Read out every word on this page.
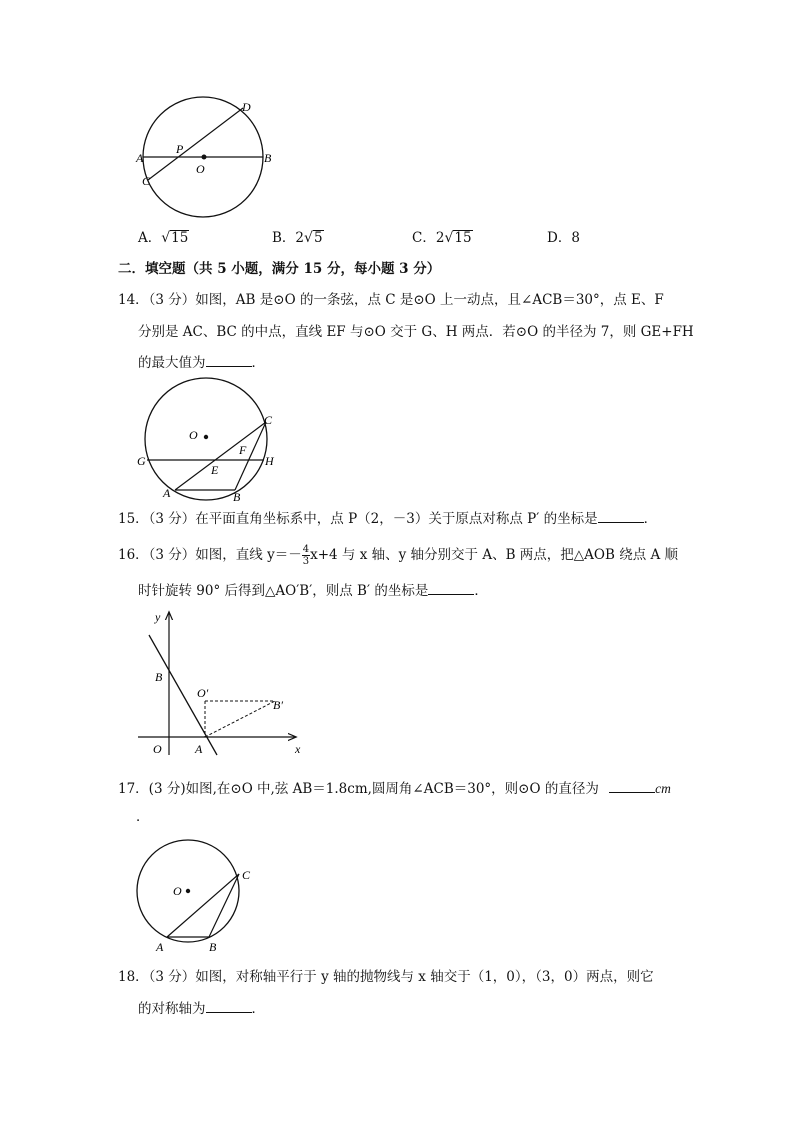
D
A
P
B
O
C
A．√15	B．2√5	C．2√15	D．8
二．填空题（共 5 小题，满分 15 分，每小题 3 分）
14．（3 分）如图，AB 是⊙O 的一条弦，点 C 是⊙O 上一动点，且∠ACB＝30°，点 E、F
分别是 AC、BC 的中点，直线 EF 与⊙O 交于 G、H 两点．若⊙O 的半径为 7，则 GE+FH
的最大值为	．
C
O
F
G
E
H
A	B
15．（3 分）在平面直角坐标系中，点 P（2，－3）关于原点对称点 P′ 的坐标是	．
16．（3 分）如图，直线 $y=- \frac{4}{3} x+4$ 与 x 轴、y 轴分别交于 A、B 两点，把△AOB 绕点 A 顺
时针旋转 90° 后得到△AO′B′，则点 B′ 的坐标是	．
y
B
O′
B′
O	A	x
17．(3 分)如图,在⊙O 中,弦 AB＝1.8cm,圆周角∠ACB＝30°，则⊙O 的直径为	cm
．
C
O
A	B
18．（3 分）如图，对称轴平行于 y 轴的抛物线与 x 轴交于（1，0），（3，0）两点，则它
的对称轴为	．
